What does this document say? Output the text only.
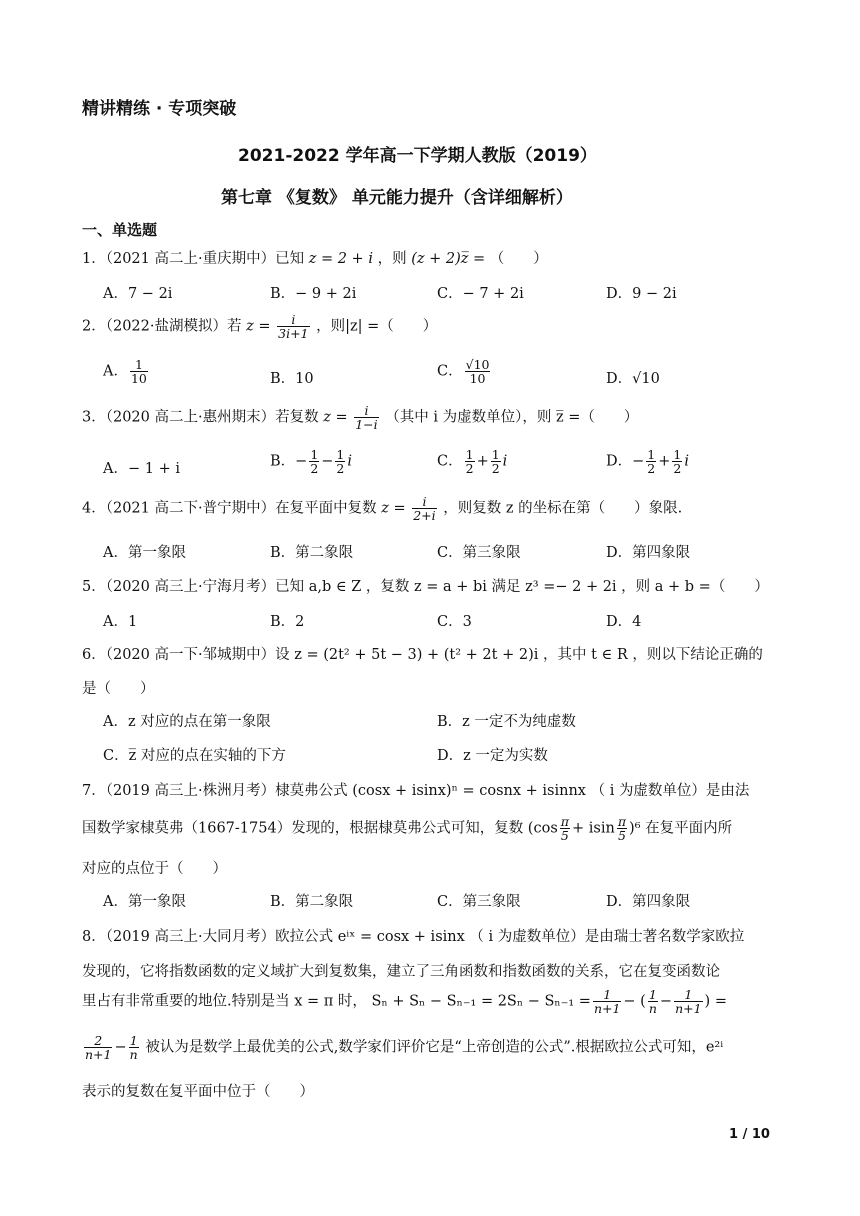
精讲精练 · 专项突破
2021-2022 学年高一下学期人教版（2019）
第七章 《复数》 单元能力提升（含详细解析）
一、单选题
1．（2021 高二上·重庆期中）已知 z = 2 + i ，则 (z + 2)z̅ = （　　）
A．7 − 2i	B．− 9 + 2i	C．− 7 + 2i	D．9 − 2i
2．（2022·盐湖模拟）若 $z = \frac{i}{3i+1}$ ，则|z| =（　　）
A． $\frac{1}{10}$	B．10	C． $\frac{√10}{10}$	D．√10
3．（2020 高二上·惠州期末）若复数 $z = \frac{i}{1-i}$ （其中 i 为虚数单位），则 z̅ =（　　）
A．− 1 + i	B．− $\frac{1}{2} - \frac{1}{2}$ i	C． $\frac{1}{2} + \frac{1}{2}$ i	D．− $\frac{1}{2} + \frac{1}{2}$ i
4．（2021 高二下·普宁期中）在复平面中复数 $z = \frac{i}{2+i}$ ，则复数 z 的坐标在第（　　）象限.
A．第一象限	B．第二象限	C．第三象限	D．第四象限
5．（2020 高三上·宁海月考）已知 a,b ∈ Z ，复数 z = a + bi 满足 z³ =− 2 + 2i ，则 a + b =（　　）
A．1	B．2	C．3	D．4
6．（2020 高一下·邹城期中）设 z = (2t² + 5t − 3) + (t² + 2t + 2)i ，其中 t ∈ R ，则以下结论正确的
是（　　）
A．z 对应的点在第一象限	B．z 一定不为纯虚数
C．z̅ 对应的点在实轴的下方	D．z 一定为实数
7．（2019 高三上·株洲月考）棣莫弗公式 (cosx + isinx)ⁿ = cosnx + isinnx （ i 为虚数单位）是由法
国数学家棣莫弗（1667-1754）发现的，根据棣莫弗公式可知，复数 $(\cos \frac{\pi}{5} + isin \frac{\pi}{5} )^6$ 在复平面内所
对应的点位于（　　）
A．第一象限	B．第二象限	C．第三象限	D．第四象限
8．（2019 高三上·大同月考）欧拉公式 eⁱˣ = cosx + isinx （ i 为虚数单位）是由瑞士著名数学家欧拉
发现的，它将指数函数的定义域扩大到复数集，建立了三角函数和指数函数的关系，它在复变函数论
里占有非常重要的地位.特别是当 x = π 时， $S_n + S_n - S_{n-1} = 2S_n - S_{n-1} = \frac{1}{n+1}$ − ( $\frac{1}{n} - \frac{1}{n+1}$ ) =
$\frac{2}{n+1} - \frac{1}{n}$ 被认为是数学上最优美的公式,数学家们评价它是“上帝创造的公式”.根据欧拉公式可知，e²ⁱ
表示的复数在复平面中位于（　　）
1 / 10
